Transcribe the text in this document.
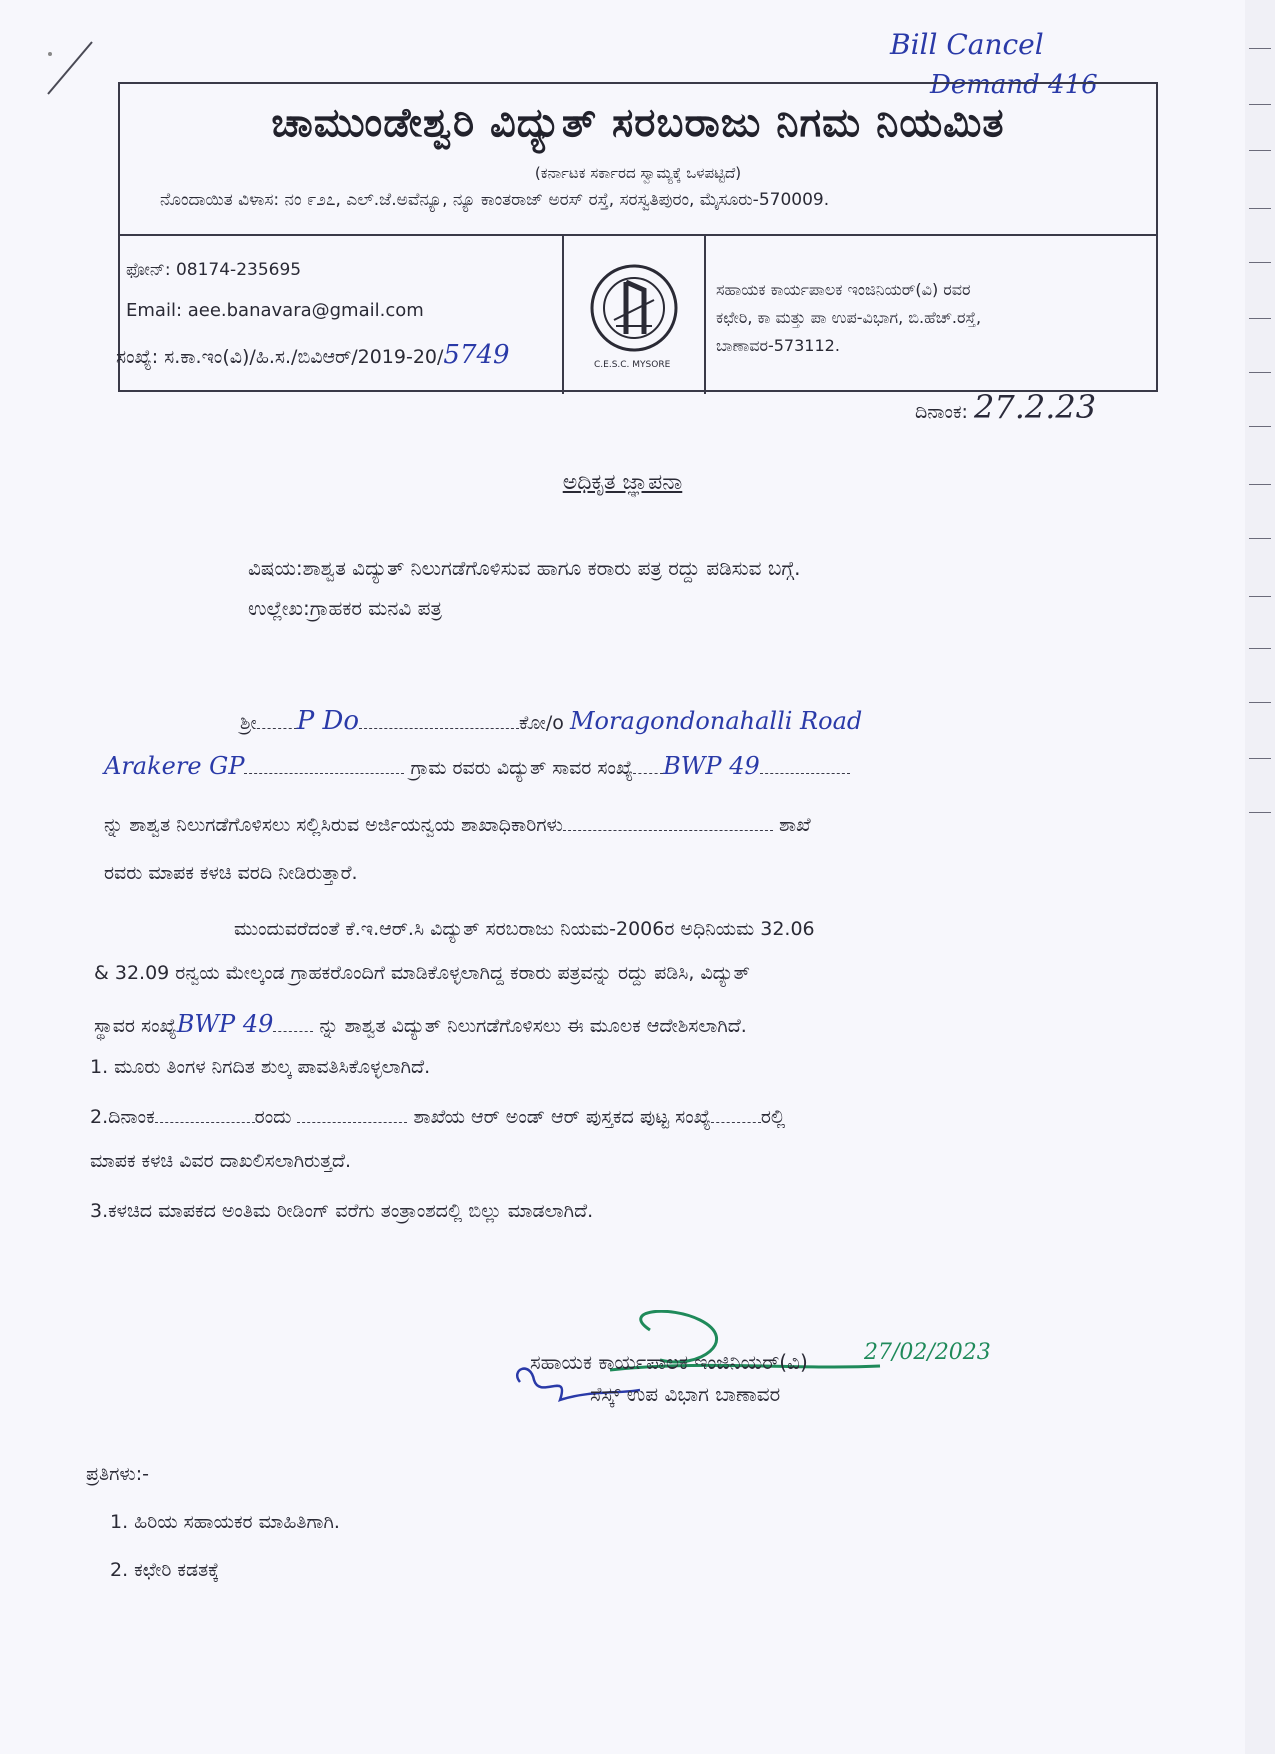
Bill Cancel
Demand 416
ಚಾಮುಂಡೇಶ್ವರಿ ವಿದ್ಯುತ್ ಸರಬರಾಜು ನಿಗಮ ನಿಯಮಿತ
(ಕರ್ನಾಟಕ ಸರ್ಕಾರದ ಸ್ವಾಮ್ಯಕ್ಕೆ ಒಳಪಟ್ಟಿದೆ)
ನೊಂದಾಯಿತ ವಿಳಾಸ: ನಂ ೯೨೭, ಎಲ್.ಜೆ.ಅವೆನ್ಯೂ, ನ್ಯೂ ಕಾಂತರಾಜ್ ಅರಸ್ ರಸ್ತೆ, ಸರಸ್ವತಿಪುರಂ, ಮೈಸೂರು-570009.
ಫೋನ್: 08174-235695
Email: aee.banavara@gmail.com
C.E.S.C. MYSORE
ಸಹಾಯಕ ಕಾರ್ಯಪಾಲಕ ಇಂಜಿನಿಯರ್(ವಿ) ರವರ
ಕಛೇರಿ, ಕಾ ಮತ್ತು ಪಾ ಉಪ-ವಿಭಾಗ, ಬಿ.ಹೆಚ್.ರಸ್ತೆ,
ಬಾಣಾವರ-573112.
ಸಂಖ್ಯೆ: ಸ.ಕಾ.ಇಂ(ವಿ)/ಹಿ.ಸ./ಬಿವಿಆರ್/2019-20/5749
ದಿನಾಂಕ: 27.2.23
ಅಧಿಕೃತ ಜ್ಞಾಪನಾ
ವಿಷಯ:ಶಾಶ್ವತ ವಿದ್ಯುತ್ ನಿಲುಗಡೆಗೊಳಿಸುವ ಹಾಗೂ ಕರಾರು ಪತ್ರ ರದ್ದು ಪಡಿಸುವ ಬಗ್ಗೆ.
ಉಲ್ಲೇಖ:ಗ್ರಾಹಕರ ಮನವಿ ಪತ್ರ
ಶ್ರೀ P Do	ಕೋ/o Moragondonahalli Road
Arakere GP	ಗ್ರಾಮ ರವರು ವಿದ್ಯುತ್ ಸಾವರ ಸಂಖ್ಯೆ BWP 49
ನ್ನು ಶಾಶ್ವತ ನಿಲುಗಡೆಗೊಳಿಸಲು ಸಲ್ಲಿಸಿರುವ ಅರ್ಜಿಯನ್ವಯ ಶಾಖಾಧಿಕಾರಿಗಳು	ಶಾಖೆ
ರವರು ಮಾಪಕ ಕಳಚಿ ವರದಿ ನೀಡಿರುತ್ತಾರೆ.
ಮುಂದುವರೆದಂತೆ ಕೆ.ಇ.ಆರ್.ಸಿ ವಿದ್ಯುತ್ ಸರಬರಾಜು ನಿಯಮ-2006ರ ಅಧಿನಿಯಮ 32.06
& 32.09 ರನ್ವಯ ಮೇಲ್ಕಂಡ ಗ್ರಾಹಕರೊಂದಿಗೆ ಮಾಡಿಕೊಳ್ಳಲಾಗಿದ್ದ ಕರಾರು ಪತ್ರವನ್ನು ರದ್ದು ಪಡಿಸಿ, ವಿದ್ಯುತ್
ಸ್ಥಾವರ ಸಂಖ್ಯೆBWP 49 ನ್ನು ಶಾಶ್ವತ ವಿದ್ಯುತ್ ನಿಲುಗಡೆಗೊಳಿಸಲು ಈ ಮೂಲಕ ಆದೇಶಿಸಲಾಗಿದೆ.
1. ಮೂರು ತಿಂಗಳ ನಿಗದಿತ ಶುಲ್ಕ ಪಾವತಿಸಿಕೊಳ್ಳಲಾಗಿದೆ.
2.ದಿನಾಂಕ	ರಂದು	ಶಾಖೆಯ ಆರ್ ಅಂಡ್ ಆರ್ ಪುಸ್ತಕದ ಪುಟ್ಟ ಸಂಖ್ಯೆ	ರಲ್ಲಿ
ಮಾಪಕ ಕಳಚಿ ವಿವರ ದಾಖಲಿಸಲಾಗಿರುತ್ತದೆ.
3.ಕಳಚಿದ ಮಾಪಕದ ಅಂತಿಮ ರೀಡಿಂಗ್ ವರೆಗು ತಂತ್ರಾಂಶದಲ್ಲಿ ಬಿಲ್ಲು ಮಾಡಲಾಗಿದೆ.
27/02/2023
ಸಹಾಯಕ ಕಾರ್ಯಪಾಲಕ ಇಂಜಿನಿಯರ್(ವಿ)
ಸೆಸ್ಕ್ ಉಪ ವಿಭಾಗ ಬಾಣಾವರ
ಪ್ರತಿಗಳು:-
1. ಹಿರಿಯ ಸಹಾಯಕರ ಮಾಹಿತಿಗಾಗಿ.
2. ಕಛೇರಿ ಕಡತಕ್ಕೆ
